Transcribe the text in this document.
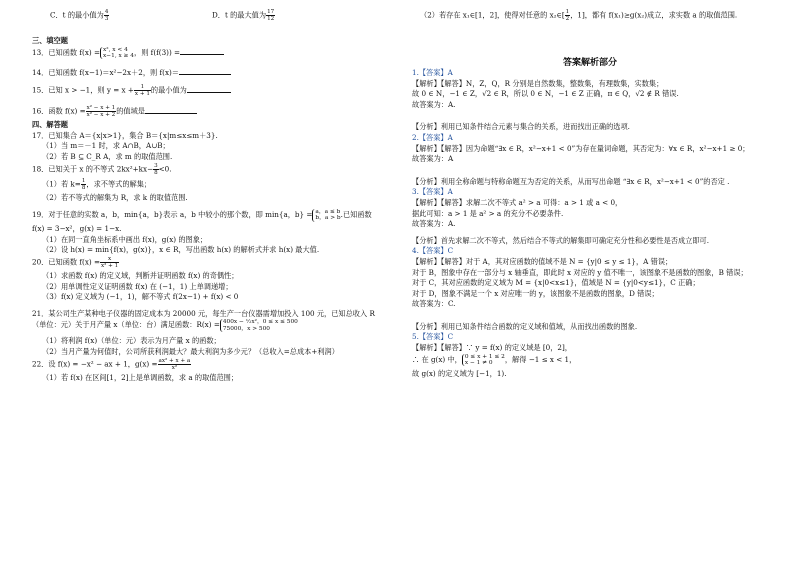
C．t 的最小值为 $\frac{4}{3}$	D．t 的最大值为 $\frac{17}{12}$	（2）若存在 x₁∈[1，2]，使得对任意的 x₂∈[ $\frac{1}{2}$ ，1]，都有 f(x₁)≥g(x₂)成立，求实数 a 的取值范围.
三、填空题
13．已知函数 f(x) = x², x < 4
x−1, x ≥ 4 ，则 f(f(3)) =
14．已知函数 f(x−1)＝x²−2x＋2，则 f(x)＝
15．已知 x > −1，则 $y = x + \frac{1}{x + 1}$ 的最小值为
16．函数 $f(x) = \frac{\text{x² − x + 1}}{\text{x² − x + 2}}$ 的值域是
四、解答题
17．已知集合 A＝{x|x>1}，集合 B＝{x|m≤x≤m＋3}.
（1）当 m＝－1 时，求 A∩B，A∪B；
（2）若 B ⊆ C_R A，求 m 的取值范围.
18．已知关于 x 的不等式 $2kx^2+kx- \frac{3}{8} <0$.
（1）若 $k= \frac{1}{8}$ ，求不等式的解集；
（2）若不等式的解集为 R，求 k 的取值范围.
19．对于任意的实数 a，b，min{a，b}表示 a，b 中较小的那个数，即 min{a，b} = a，a ≤ b
b，a > b .已知函数
f(x) = 3−x²，g(x) = 1−x.
（1）在同一直角坐标系中画出 f(x)，g(x) 的图象；
（2）设 h(x) = min{f(x)，g(x)}，x ∈ R，写出函数 h(x) 的解析式并求 h(x) 最大值.
20．已知函数 $f(x) = \frac{x}{\text{x² + 1}}$
（1）求函数 f(x) 的定义域，判断并证明函数 f(x) 的奇偶性；
（2）用单调性定义证明函数 f(x) 在 (−1，1) 上单调递增；
（3）f(x) 定义域为 (−1，1)，解不等式 f(2x−1) + f(x) < 0
21．某公司生产某种电子仪器的固定成本为 20000 元，每生产一台仪器需增加投入 100 元，已知总收入 R
（单位：元）关于月产量 x（单位：台）满足函数：R(x) = 400x − ½x²，0 ≤ x ≤ 500
75000，x > 500
（1）将利润 f(x)（单位：元）表示为月产量 x 的函数；
（2）当月产量为何值时，公司所获利润最大？最大利润为多少元？（总收入=总成本+利润）
22．设 f(x) = −x² − ax + 1，$g(x) = \frac{\text{ax² + x + a}}{\text{x²}}$
（1）若 f(x) 在区间[1，2]上是单调函数，求 a 的取值范围；
答案解析部分
1.【答案】A
【解析】【解答】N，Z，Q，R 分别是自然数集，整数集，有理数集，实数集；
故 0 ∈ N，−1 ∈ Z，√2 ∈ R，所以 0 ∈ N，−1 ∈ Z 正确，π ∈ Q，√2 ∉ R 错误.
故答案为：A.
【分析】利用已知条件结合元素与集合的关系，进而找出正确的选项.
2.【答案】A
【解析】【解答】因为命题“∃x ∈ R，x²−x+1 < 0”为存在量词命题，其否定为：∀x ∈ R，x²−x+1 ≥ 0；
故答案为：A
【分析】利用全称命题与特称命题互为否定的关系，从而写出命题 “∃x ∈ R，x²−x+1 < 0”的否定 .
3.【答案】A
【解析】【解答】求解二次不等式 a² > a 可得：a > 1 或 a < 0，
据此可知：a > 1 是 a² > a 的充分不必要条件.
故答案为：A.
【分析】首先求解二次不等式，然后结合不等式的解集即可确定充分性和必要性是否成立即可.
4.【答案】C
【解析】【解答】对于 A，其对应函数的值域不是 N = {y|0 ≤ y ≤ 1}，A 错误；
对于 B，图象中存在一部分与 x 轴垂直，即此时 x 对应的 y 值不唯一，该图象不是函数的图象，B 错误；
对于 C，其对应函数的定义域为 M = {x|0<x≤1}，值域是 N = {y|0<y≤1}，C 正确；
对于 D，图象不满足一个 x 对应唯一的 y，该图象不是函数的图象，D 错误；
故答案为：C.
【分析】利用已知条件结合函数的定义域和值域，从而找出函数的图象.
5.【答案】C
【解析】【解答】∵ y = f(x) 的定义域是 [0，2]，
∴ 在 g(x) 中， 0 ≤ x + 1 ≤ 2
x − 1 ≠ 0	，解得 −1 ≤ x < 1，
故 g(x) 的定义域为 [−1，1).
